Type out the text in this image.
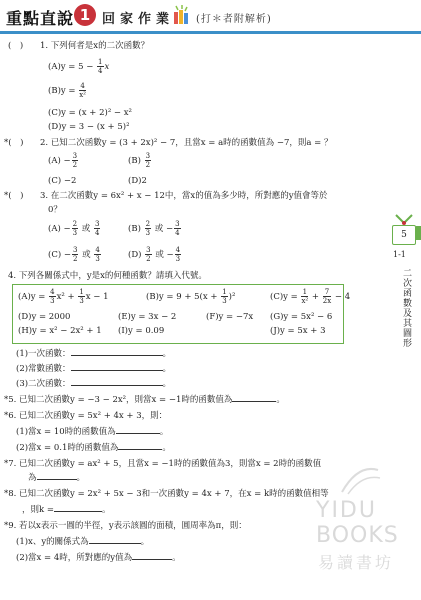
重點直說 1 回家作業 (打＊者附解析)
(　) 1. 下列何者是x的二次函數？
$(A)y = 5 - \frac{1}{4}$ x
$(B)y = \frac{4}{\text{x²}}$
(C)y = (x + 2)² − x²
(D)y = 3 − (x + 5)²
*(　) 2. 已知二次函數y = (3 + 2x)² − 7，且當x = a時的函數值為 −7，則a = ？
$(A) - \frac{3}{2}$	$(B) \frac{3}{2}$
(C) −2	(D)2
*(　) 3. 在二次函數y = 6x² + x − 12中，當x的值為多少時，所對應的y值會等於
0？
$(A) - \frac{2}{3}$ 或 $\frac{3}{4}$	$(B) \frac{2}{3}$ 或 − $\frac{3}{4}$
$(C) - \frac{3}{2}$ 或 $\frac{4}{3}$	$(D) \frac{3}{2}$ 或 − $\frac{4}{3}$
4. 下列各關係式中，y是x的何種函數？請填入代號。
$(A)y = \frac{4}{3} x^2 + \frac{1}{3}$ x − 1	$(B)y = 9 + 5(x + \frac{1}{3} )^2$	$(C)y = \frac{1}{\text{x²}} + \frac{7}{2x} - 4$
(D)y = 2000	(E)y = 3x − 2	(F)y = −7x (G)y = 5x² − 6
(H)y = x² − 2x² + 1 (I)y = 0.09	(J)y = 5x + 3
(1)一次函數：	。
(2)常數函數：	。
(3)二次函數：	。
*5. 已知二次函數y = −3 − 2x²，則當x = −1時的函數值為	。
*6. 已知二次函數y = 5x² + 4x + 3，則：
(1)當x = 10時的函數值為	。
(2)當x = 0.1時的函數值為	。
*7. 已知二次函數y = ax² + 5，且當x = −1時的函數值為3，則當x = 2時的函數值
為	。
*8. 已知二次函數y = 2x² + 5x − 3和一次函數y = 4x + 7，在x = k時的函數值相等
，則k =	。
*9. 若以x表示一圓的半徑，y表示該圓的面積，圓周率為π，則：
(1)x、y的關係式為	。
(2)當x = 4時，所對應的y值為	。
5
1-1
二次函數及其圖形
YIDU
BOOKS
易讀書坊
